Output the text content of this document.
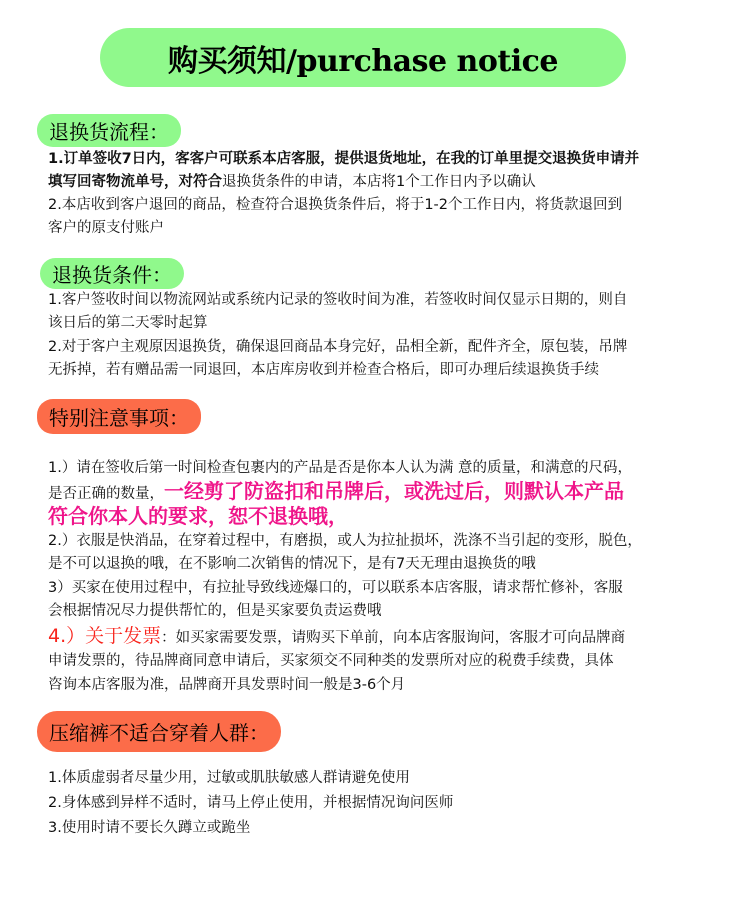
购买须知/purchase notice
退换货流程：
1.订单签收7日内，客客户可联系本店客服，提供退货地址，在我的订单里提交退换货申请并
填写回寄物流单号，对符合退换货条件的申请，本店将1个工作日内予以确认
2.本店收到客户退回的商品，检查符合退换货条件后，将于1-2个工作日内，将货款退回到
客户的原支付账户
退换货条件：
1.客户签收时间以物流网站或系统内记录的签收时间为准，若签收时间仅显示日期的，则自
该日后的第二天零时起算
2.对于客户主观原因退换货，确保退回商品本身完好，品相全新，配件齐全，原包装，吊牌
无拆掉，若有赠品需一同退回，本店库房收到并检查合格后，即可办理后续退换货手续
特别注意事项：
1.）请在签收后第一时间检查包裹内的产品是否是你本人认为满 意的质量，和满意的尺码，
是否正确的数量，一经剪了防盗扣和吊牌后，或洗过后，则默认本产品
符合你本人的要求，恕不退换哦，
2.）衣服是快消品，在穿着过程中，有磨损，或人为拉扯损坏，洗涤不当引起的变形，脱色，
是不可以退换的哦，在不影响二次销售的情况下，是有7天无理由退换货的哦
3）买家在使用过程中，有拉扯导致线迹爆口的，可以联系本店客服，请求帮忙修补，客服
会根据情况尽力提供帮忙的，但是买家要负责运费哦
4.）关于发票：如买家需要发票，请购买下单前，向本店客服询问，客服才可向品牌商
申请发票的，待品牌商同意申请后，买家须交不同种类的发票所对应的税费手续费，具体
咨询本店客服为准，品牌商开具发票时间一般是3-6个月
压缩裤不适合穿着人群：
1.体质虚弱者尽量少用，过敏或肌肤敏感人群请避免使用
2.身体感到异样不适时，请马上停止使用，并根据情况询问医师
3.使用时请不要长久蹲立或跪坐
